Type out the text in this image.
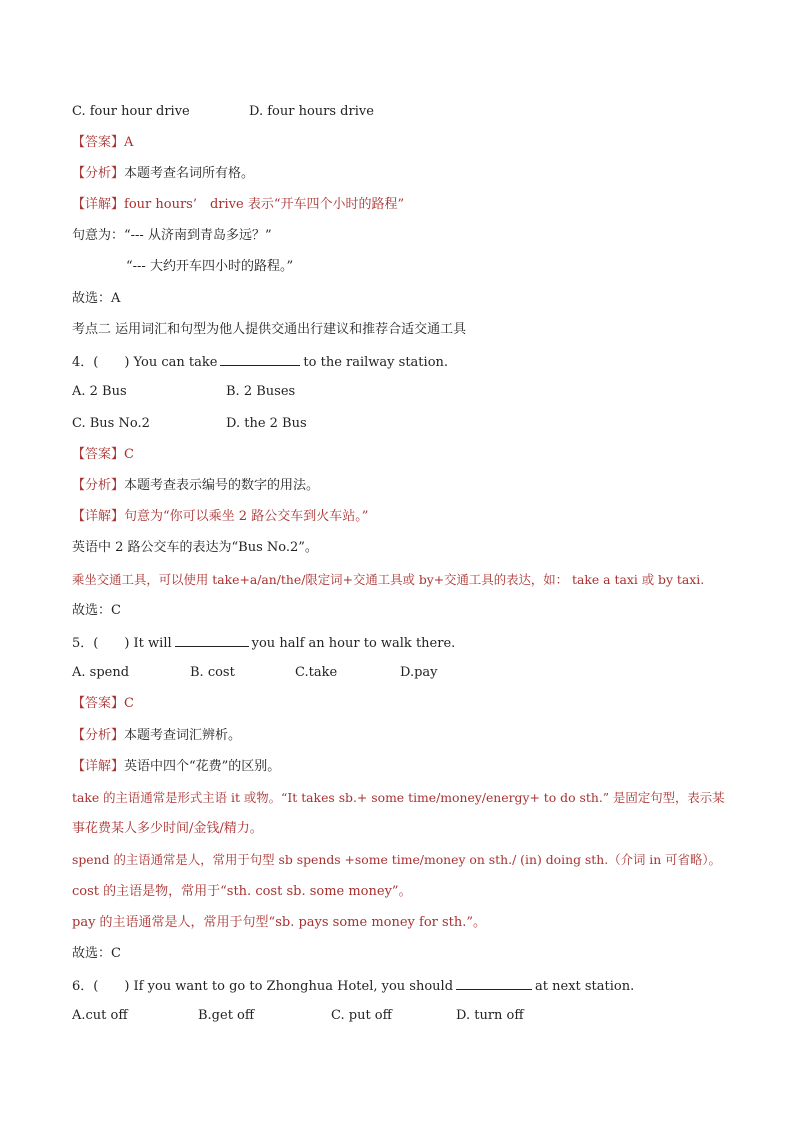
C. four hour drive	D. four hours drive
【答案】A
【分析】本题考查名词所有格。
【详解】four hours’　drive 表示“开车四个小时的路程”
句意为：“--- 从济南到青岛多远？”
“--- 大约开车四小时的路程。”
故选：A
考点二 运用词汇和句型为他人提供交通出行建议和推荐合适交通工具
4．(　　) You can take	to the railway station.
A. 2 Bus	B. 2 Buses
C. Bus No.2	D. the 2 Bus
【答案】C
【分析】本题考查表示编号的数字的用法。
【详解】句意为“你可以乘坐 2 路公交车到火车站。”
英语中 2 路公交车的表达为“Bus No.2”。
乘坐交通工具，可以使用 take+a/an/the/限定词+交通工具或 by+交通工具的表达，如： take a taxi 或 by taxi.
故选：C
5．(　　) It will	you half an hour to walk there.
A. spend	B. cost	C.take	D.pay
【答案】C
【分析】本题考查词汇辨析。
【详解】英语中四个“花费”的区别。
take 的主语通常是形式主语 it 或物。“It takes sb.+ some time/money/energy+ to do sth.” 是固定句型，表示某
事花费某人多少时间/金钱/精力。
spend 的主语通常是人，常用于句型 sb spends +some time/money on sth./ (in) doing sth.（介词 in 可省略）。
cost 的主语是物，常用于“sth. cost sb. some money”。
pay 的主语通常是人，常用于句型“sb. pays some money for sth.”。
故选：C
6．(　　) If you want to go to Zhonghua Hotel, you should	at next station.
A.cut off	B.get off	C. put off	D. turn off
